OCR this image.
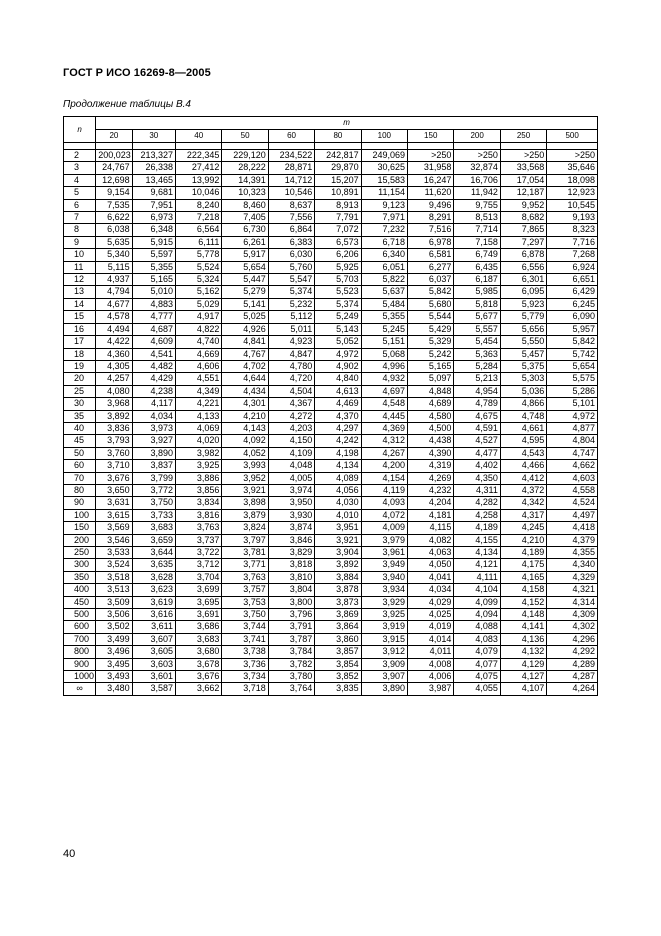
ГОСТ Р ИСО 16269-8—2005
Продолжение таблицы В.4
n	m										
	20	30	40	50	60	80	100	150	200	250	500

2	200,023	213,327	222,345	229,120	234,522	242,817	249,069	>250	>250	>250	>250
3	24,767	26,338	27,412	28,222	28,871	29,870	30,625	31,958	32,874	33,568	35,646
4	12,698	13,465	13,992	14,391	14,712	15,207	15,583	16,247	16,706	17,054	18,098
5	9,154	9,681	10,046	10,323	10,546	10,891	11,154	11,620	11,942	12,187	12,923
6	7,535	7,951	8,240	8,460	8,637	8,913	9,123	9,496	9,755	9,952	10,545
7	6,622	6,973	7,218	7,405	7,556	7,791	7,971	8,291	8,513	8,682	9,193
8	6,038	6,348	6,564	6,730	6,864	7,072	7,232	7,516	7,714	7,865	8,323
9	5,635	5,915	6,111	6,261	6,383	6,573	6,718	6,978	7,158	7,297	7,716
10	5,340	5,597	5,778	5,917	6,030	6,206	6,340	6,581	6,749	6,878	7,268
11	5,115	5,355	5,524	5,654	5,760	5,925	6,051	6,277	6,435	6,556	6,924
12	4,937	5,165	5,324	5,447	5,547	5,703	5,822	6,037	6,187	6,301	6,651
13	4,794	5,010	5,162	5,279	5,374	5,523	5,637	5,842	5,985	6,095	6,429
14	4,677	4,883	5,029	5,141	5,232	5,374	5,484	5,680	5,818	5,923	6,245
15	4,578	4,777	4,917	5,025	5,112	5,249	5,355	5,544	5,677	5,779	6,090
16	4,494	4,687	4,822	4,926	5,011	5,143	5,245	5,429	5,557	5,656	5,957
17	4,422	4,609	4,740	4,841	4,923	5,052	5,151	5,329	5,454	5,550	5,842
18	4,360	4,541	4,669	4,767	4,847	4,972	5,068	5,242	5,363	5,457	5,742
19	4,305	4,482	4,606	4,702	4,780	4,902	4,996	5,165	5,284	5,375	5,654
20	4,257	4,429	4,551	4,644	4,720	4,840	4,932	5,097	5,213	5,303	5,575
25	4,080	4,238	4,349	4,434	4,504	4,613	4,697	4,848	4,954	5,036	5,286
30	3,968	4,117	4,221	4,301	4,367	4,469	4,548	4,689	4,789	4,866	5,101
35	3,892	4,034	4,133	4,210	4,272	4,370	4,445	4,580	4,675	4,748	4,972
40	3,836	3,973	4,069	4,143	4,203	4,297	4,369	4,500	4,591	4,661	4,877
45	3,793	3,927	4,020	4,092	4,150	4,242	4,312	4,438	4,527	4,595	4,804
50	3,760	3,890	3,982	4,052	4,109	4,198	4,267	4,390	4,477	4,543	4,747
60	3,710	3,837	3,925	3,993	4,048	4,134	4,200	4,319	4,402	4,466	4,662
70	3,676	3,799	3,886	3,952	4,005	4,089	4,154	4,269	4,350	4,412	4,603
80	3,650	3,772	3,856	3,921	3,974	4,056	4,119	4,232	4,311	4,372	4,558
90	3,631	3,750	3,834	3,898	3,950	4,030	4,093	4,204	4,282	4,342	4,524
100	3,615	3,733	3,816	3,879	3,930	4,010	4,072	4,181	4,258	4,317	4,497
150	3,569	3,683	3,763	3,824	3,874	3,951	4,009	4,115	4,189	4,245	4,418
200	3,546	3,659	3,737	3,797	3,846	3,921	3,979	4,082	4,155	4,210	4,379
250	3,533	3,644	3,722	3,781	3,829	3,904	3,961	4,063	4,134	4,189	4,355
300	3,524	3,635	3,712	3,771	3,818	3,892	3,949	4,050	4,121	4,175	4,340
350	3,518	3,628	3,704	3,763	3,810	3,884	3,940	4,041	4,111	4,165	4,329
400	3,513	3,623	3,699	3,757	3,804	3,878	3,934	4,034	4,104	4,158	4,321
450	3,509	3,619	3,695	3,753	3,800	3,873	3,929	4,029	4,099	4,152	4,314
500	3,506	3,616	3,691	3,750	3,796	3,869	3,925	4,025	4,094	4,148	4,309
600	3,502	3,611	3,686	3,744	3,791	3,864	3,919	4,019	4,088	4,141	4,302
700	3,499	3,607	3,683	3,741	3,787	3,860	3,915	4,014	4,083	4,136	4,296
800	3,496	3,605	3,680	3,738	3,784	3,857	3,912	4,011	4,079	4,132	4,292
900	3,495	3,603	3,678	3,736	3,782	3,854	3,909	4,008	4,077	4,129	4,289
1000	3,493	3,601	3,676	3,734	3,780	3,852	3,907	4,006	4,075	4,127	4,287
∞	3,480	3,587	3,662	3,718	3,764	3,835	3,890	3,987	4,055	4,107	4,264
40
